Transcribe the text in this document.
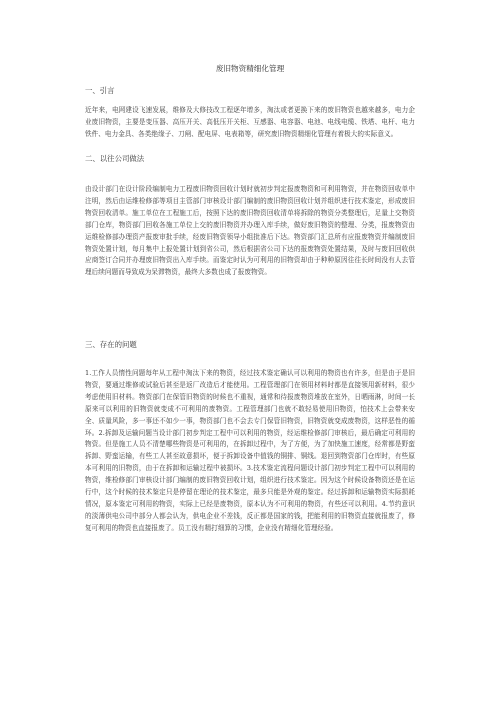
废旧物资精细化管理
一、引言
近年来，电网建设飞速发展，维修及大修技改工程逐年增多，淘汰或者更换下来的废旧物资也越来越多，电力企业废旧物资，主要是变压器、高压开关、高低压开关柜、互感器、电容器、电池、电线电缆、铁塔、电杆、电力铁件、电力金具、各类绝缘子、刀闸、配电屏、电表箱等，研究废旧物资精细化管理有着极大的实际意义。
二、以往公司做法
由设计部门在设计阶段编制电力工程废旧物资回收计划时就初步判定报废物资和可利用物资，并在物资回收单中注明，然后由运维检修部等项目主管部门审核设计部门编制的废旧物资回收计划并组织进行技术鉴定，形成废旧物资回收清单。施工单位在工程施工后，按照下达的废旧物资回收清单将拆除的物资分类整理后，足量上交物资部门仓库，物资部门回收各施工单位上交的废旧物资并办理入库手续，做好废旧物资的整理、分类，报废物资由运维检修部办理资产报废审批手续，经废旧物资领导小组批准后下达。物资部门汇总所有应报废物资并编制废旧物资处置计划，每月集中上报处置计划到省公司，然后根据省公司下达的报废物资处置结果，及时与废旧回收供应商签订合同并办理废旧物资出入库手续。而鉴定时认为可利用的旧物资却由于种种原因往往长时间没有人去管理后续问题而导致成为呆滞物资，最终大多数也成了报废物资。
三、存在的问题
1.工作人员惰性问题每年从工程中淘汰下来的物资，经过技术鉴定确认可以利用的物资也有许多，但是由于是旧物资，要通过维修或试验后甚至是返厂改造后才能使用。工程管理部门在领用材料时都是直接领用新材料，很少考虑使用旧材料。物资部门在保管旧物资的时候也不重视，通常和待报废物资堆放在室外，日晒雨淋，时间一长原来可以利用的旧物资就变成不可利用的废物资。工程管理部门也就不敢轻易使用旧物资，怕技术上会带来安全、质量风险，多一事还不如少一事，物资部门也不会去专门保管旧物资，旧物资就变成废物资，这样恶性的循环。2.拆卸及运输问题当设计部门初步判定工程中可以利用的物资，经运维检修部门审核后，最后确定可利用的物资。但是施工人员不清楚哪些物资是可利用的，在拆卸过程中，为了方便，为了加快施工速度，经常都是野蛮拆卸、野蛮运输，有些工人甚至故意损坏，便于拆卸设备中值钱的铜排、铜线。退回到物资部门仓库时，有些原本可利用的旧物资，由于在拆卸和运输过程中被损坏。3.技术鉴定流程问题设计部门初步判定工程中可以利用的物资，维检修部门审核设计部门编制的废旧物资回收计划，组织进行技术鉴定。因为这个时候设备物资还是在运行中，这个时候的技术鉴定只是停留在理论的技术鉴定，最多只能是外观的鉴定。经过拆卸和运输物资实际损耗情况，原本鉴定可利用的物资，实际上已经是废物资，原本认为不可利用的物资，有些还可以利用。4.节约意识的淡薄供电公司中部分人都会认为，供电企业不差钱，反正都是国家的钱，把能利用的旧物资直接就报废了，修复可利用的物资也直接报废了。员工没有精打细算的习惯，企业没有精细化管理经验。
